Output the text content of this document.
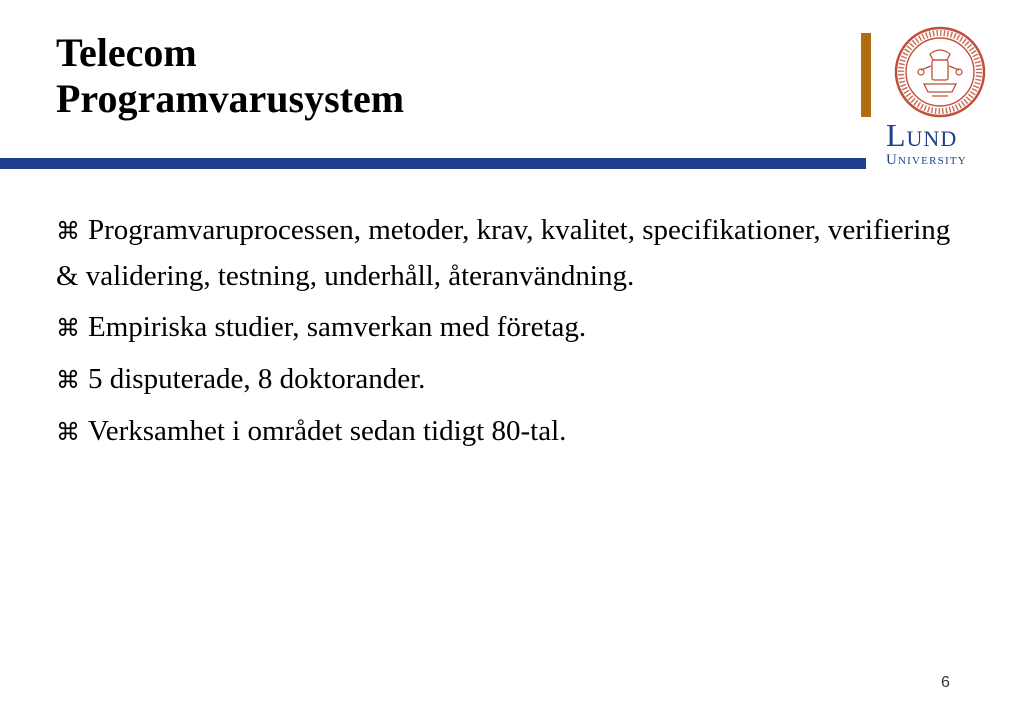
Telecom
Programvarusystem
Lund
University

⌘ Programvaruprocessen, metoder, krav, kvalitet, specifikationer, verifiering & validering, testning, underhåll, återanvändning.

⌘ Empiriska studier, samverkan med företag.

⌘ 5 disputerade, 8 doktorander.

⌘ Verksamhet i området sedan tidigt 80-tal.

6
